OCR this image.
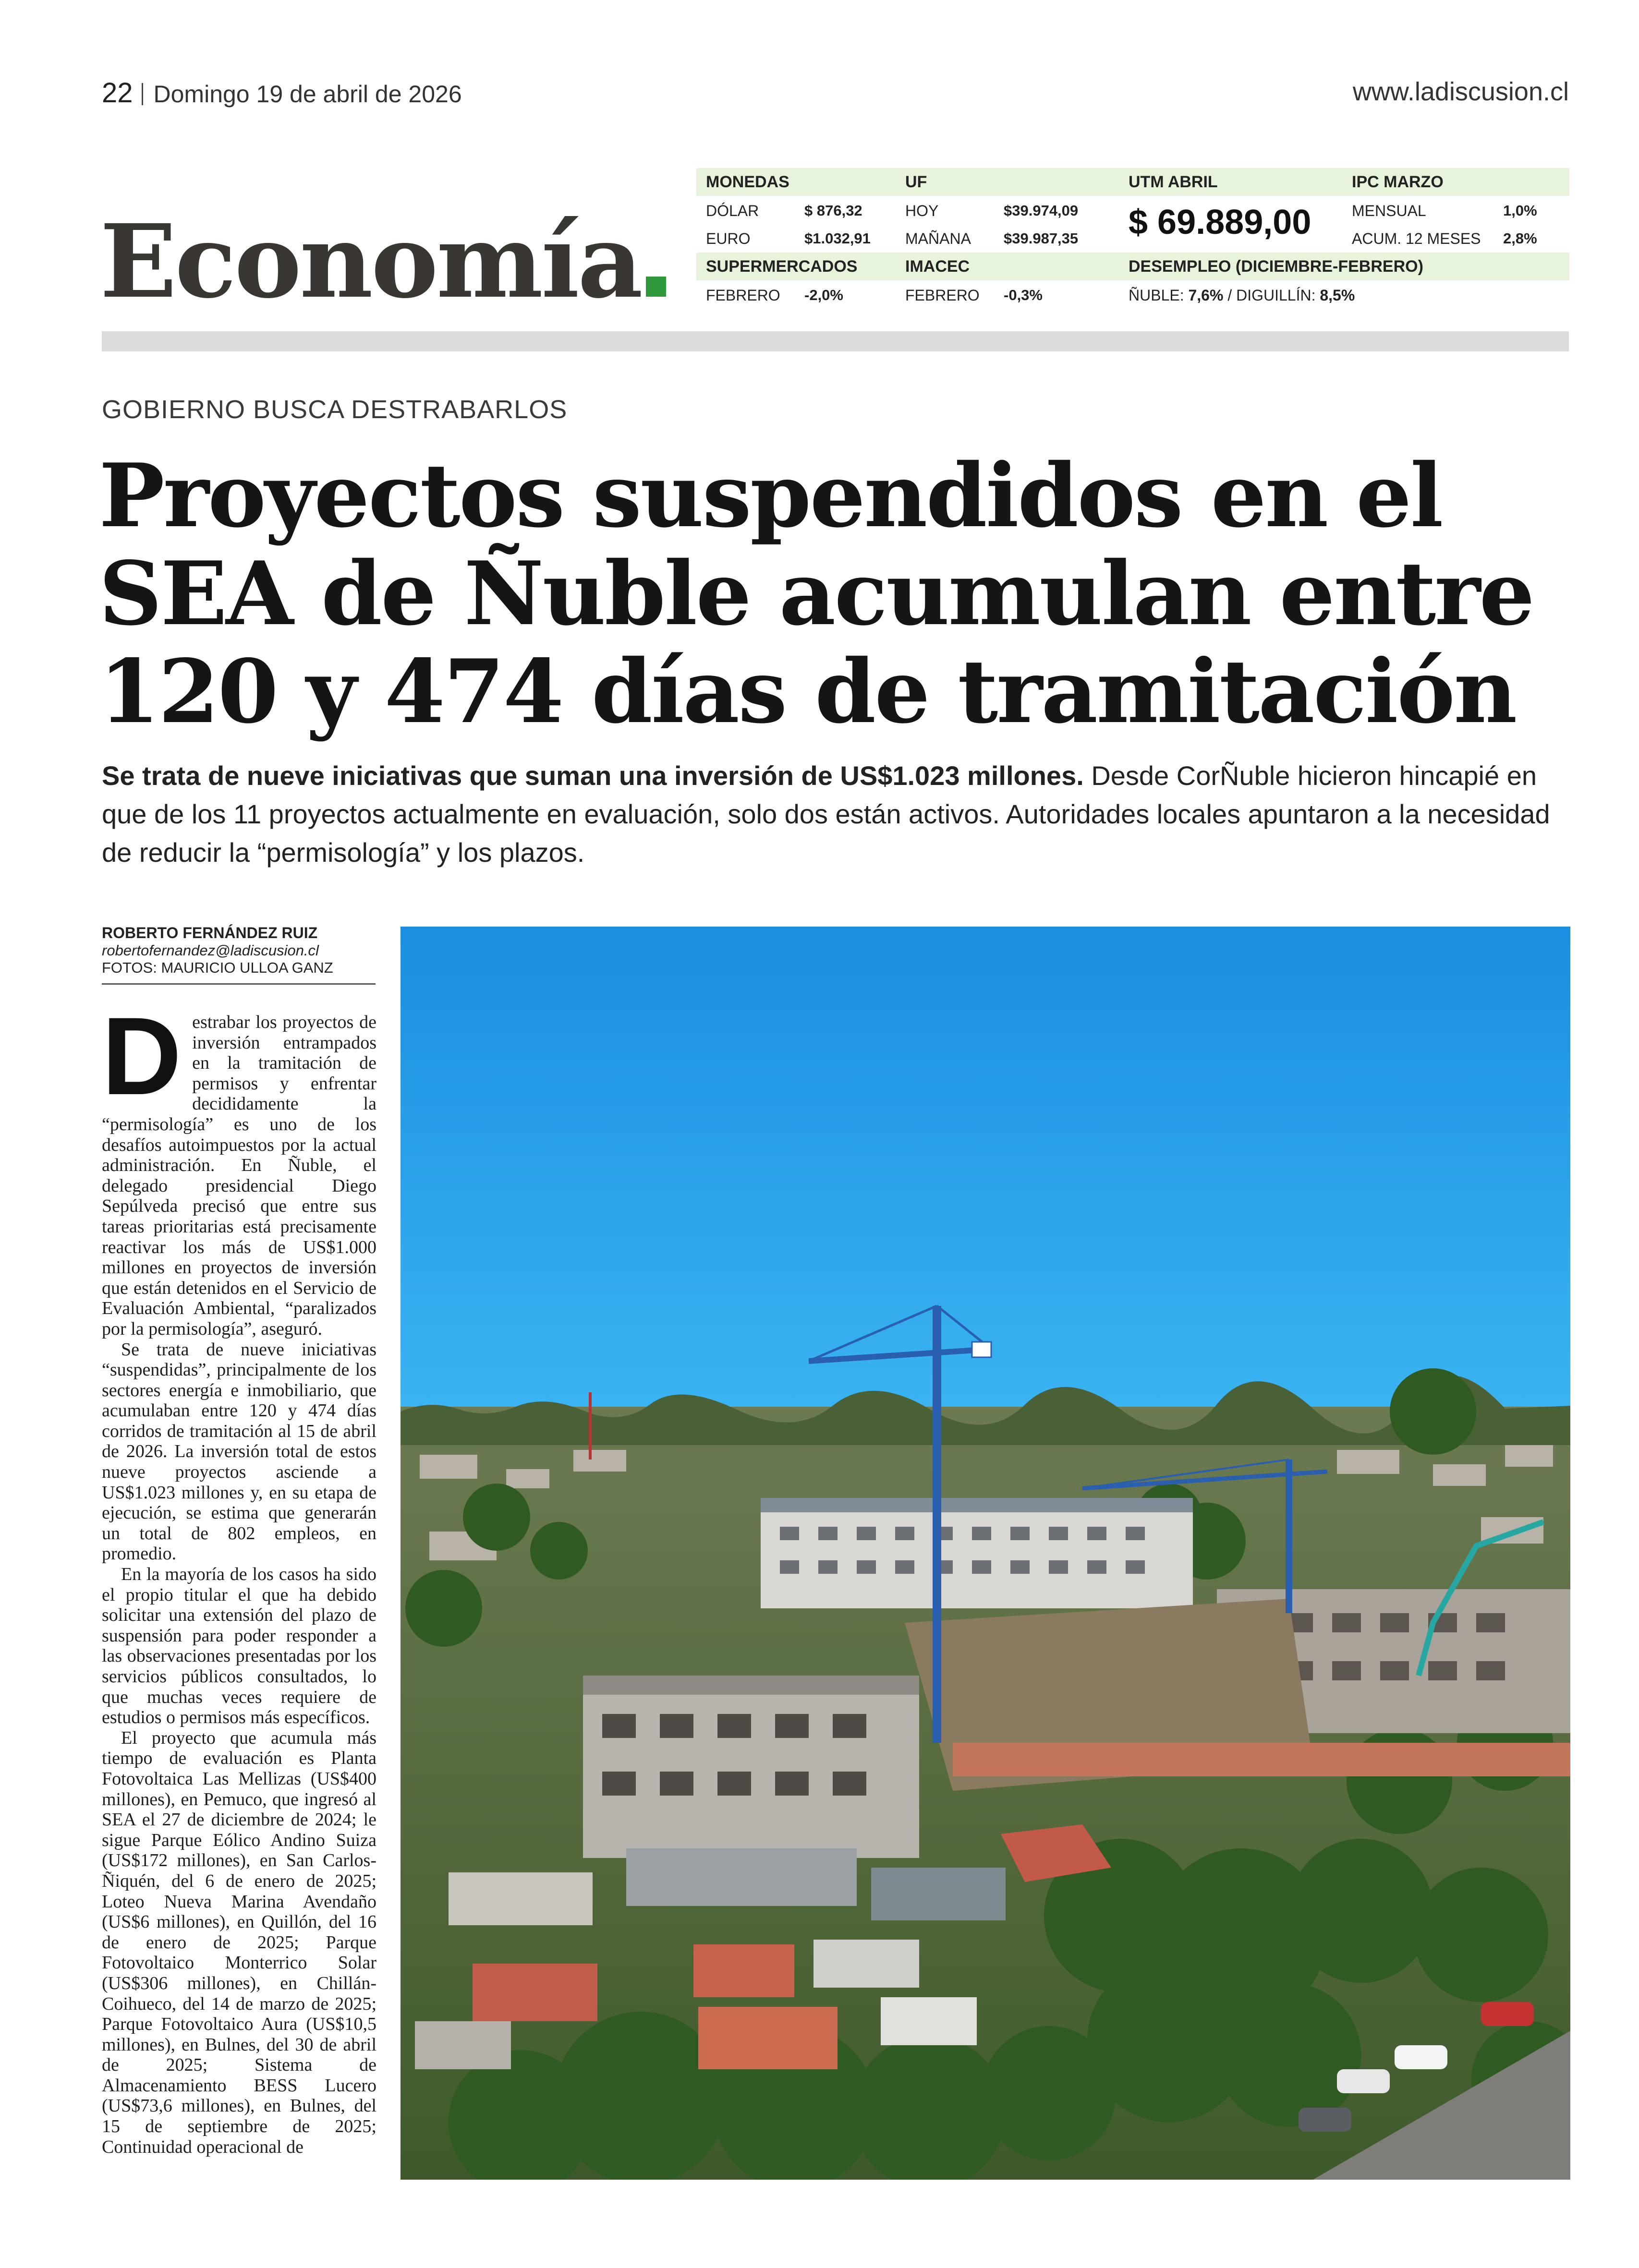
22 Domingo 19 de abril de 2026	www.ladiscusion.cl
Economía
MONEDAS	UF	UTM ABRIL	IPC MARZO
DÓLAR	$ 876,32	HOY	$39.974,09	MENSUAL	1,0%
EURO	$1.032,91 MAÑANA $39.987,35	ACUM. 12 MESES 2,8%
$ 69.889,00
SUPERMERCADOS	IMACEC	DESEMPLEO (DICIEMBRE-FEBRERO)
FEBRERO -2,0%	FEBRERO -0,3%	ÑUBLE: 7,6% / DIGUILLÍN: 8,5%
GOBIERNO BUSCA DESTRABARLOS
Proyectos suspendidos en el
SEA de Ñuble acumulan entre
120 y 474 días de tramitación

Se trata de nueve iniciativas que suman una inversión de US$1.023 millones. Desde CorÑuble hicieron hincapié en que de los 11 proyectos actualmente en evaluación, solo dos están activos. Autoridades locales apuntaron a la necesidad de reducir la “permisología” y los plazos.

ROBERTO FERNÁNDEZ RUIZ
robertofernandez@ladiscusion.cl
FOTOS: MAURICIO ULLOA GANZ

Destrabar los proyectos de inversión entrampados en la tramitación de permisos y enfrentar decididamente la “permisología” es uno de los desafíos autoimpuestos por la actual administración. En Ñuble, el delegado presidencial Diego Sepúlveda precisó que entre sus tareas prioritarias está precisamente reactivar los más de US$1.000 millones en proyectos de inversión que están detenidos en el Servicio de Evaluación Ambiental, “paralizados por la permisología”, aseguró.

Se trata de nueve iniciativas “suspendidas”, principalmente de los sectores energía e inmobiliario, que acumulaban entre 120 y 474 días corridos de tramitación al 15 de abril de 2026. La inversión total de estos nueve proyectos asciende a US$1.023 millones y, en su etapa de ejecución, se estima que generarán un total de 802 empleos, en promedio.

En la mayoría de los casos ha sido el propio titular el que ha debido solicitar una extensión del plazo de suspensión para poder responder a las observaciones presentadas por los servicios públicos consultados, lo que muchas veces requiere de estudios o permisos más específicos.

El proyecto que acumula más tiempo de evaluación es Planta Fotovoltaica Las Mellizas (US$400 millones), en Pemuco, que ingresó al SEA el 27 de diciembre de 2024; le sigue Parque Eólico Andino Suiza (US$172 millones), en San Carlos-Ñiquén, del 6 de enero de 2025; Loteo Nueva Marina Avendaño (US$6 millones), en Quillón, del 16 de enero de 2025; Parque Fotovoltaico Monterrico Solar (US$306 millones), en Chillán-Coihueco, del 14 de marzo de 2025; Parque Fotovoltaico Aura (US$10,5 millones), en Bulnes, del 30 de abril de 2025; Sistema de Almacenamiento BESS Lucero (US$73,6 millones), en Bulnes, del 15 de septiembre de 2025; Continuidad operacional de
